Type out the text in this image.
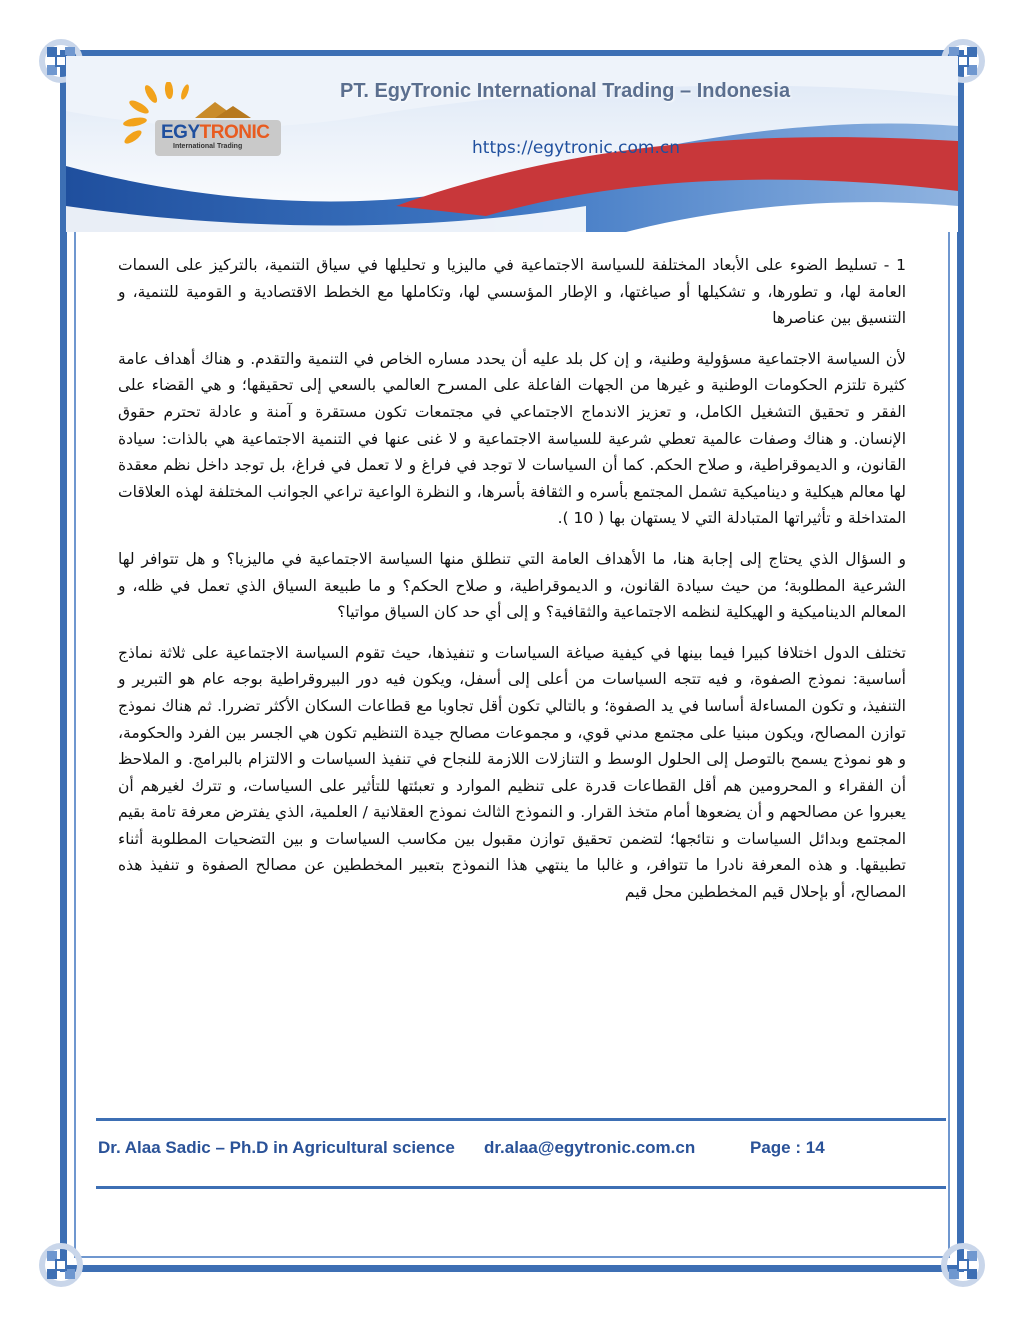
EGYTRONIC
International Trading
PT. EgyTronic International Trading – Indonesia
https://egytronic.com.cn

1 - تسليط الضوء على الأبعاد المختلفة للسياسة الاجتماعية في ماليزيا و تحليلها في سياق التنمية، بالتركيز على السمات العامة لها، و تطورها، و تشكيلها أو صياغتها، و الإطار المؤسسي لها، وتكاملها مع الخطط الاقتصادية و القومية للتنمية، و التنسيق بين عناصرها

لأن السياسة الاجتماعية مسؤولية وطنية، و إن كل بلد عليه أن يحدد مساره الخاص في التنمية والتقدم. و هناك أهداف عامة كثيرة تلتزم الحكومات الوطنية و غيرها من الجهات الفاعلة على المسرح العالمي بالسعي إلى تحقيقها؛ و هي القضاء على الفقر و تحقيق التشغيل الكامل، و تعزيز الاندماج الاجتماعي في مجتمعات تكون مستقرة و آمنة و عادلة تحترم حقوق الإنسان. و هناك وصفات عالمية تعطي شرعية للسياسة الاجتماعية و لا غنى عنها في التنمية الاجتماعية هي بالذات: سيادة القانون، و الديموقراطية، و صلاح الحكم. كما أن السياسات لا توجد في فراغ و لا تعمل في فراغ، بل توجد داخل نظم معقدة لها معالم هيكلية و ديناميكية تشمل المجتمع بأسره و الثقافة بأسرها، و النظرة الواعية تراعي الجوانب المختلفة لهذه العلاقات المتداخلة و تأثيراتها المتبادلة التي لا يستهان بها ( 10 ).

و السؤال الذي يحتاج إلى إجابة هنا، ما الأهداف العامة التي تنطلق منها السياسة الاجتماعية في ماليزيا؟ و هل تتوافر لها الشرعية المطلوبة؛ من حيث سيادة القانون، و الديموقراطية، و صلاح الحكم؟ و ما طبيعة السياق الذي تعمل في ظله، و المعالم الديناميكية و الهيكلية لنظمه الاجتماعية والثقافية؟ و إلى أي حد كان السياق مواتيا؟

تختلف الدول اختلافا كبيرا فيما بينها في كيفية صياغة السياسات و تنفيذها، حيث تقوم السياسة الاجتماعية على ثلاثة نماذج أساسية: نموذج الصفوة، و فيه تتجه السياسات من أعلى إلى أسفل، ويكون فيه دور البيروقراطية بوجه عام هو التبرير و التنفيذ، و تكون المساءلة أساسا في يد الصفوة؛ و بالتالي تكون أقل تجاوبا مع قطاعات السكان الأكثر تضررا. ثم هناك نموذج توازن المصالح، ويكون مبنيا على مجتمع مدني قوي، و مجموعات مصالح جيدة التنظيم تكون هي الجسر بين الفرد والحكومة، و هو نموذج يسمح بالتوصل إلى الحلول الوسط و التنازلات اللازمة للنجاح في تنفيذ السياسات و الالتزام بالبرامج. و الملاحظ أن الفقراء و المحرومين هم أقل القطاعات قدرة على تنظيم الموارد و تعبئتها للتأثير على السياسات، و تترك لغيرهم أن يعبروا عن مصالحهم و أن يضعوها أمام متخذ القرار. و النموذج الثالث نموذج العقلانية / العلمية، الذي يفترض معرفة تامة بقيم المجتمع وبدائل السياسات و نتائجها؛ لتضمن تحقيق توازن مقبول بين مكاسب السياسات و بين التضحيات المطلوبة أثناء تطبيقها. و هذه المعرفة نادرا ما تتوافر، و غالبا ما ينتهي هذا النموذج بتعبير المخططين عن مصالح الصفوة و تنفيذ هذه المصالح، أو بإحلال قيم المخططين محل قيم

Dr. Alaa Sadic – Ph.D in Agricultural science dr.alaa@egytronic.com.cn	Page : 14
